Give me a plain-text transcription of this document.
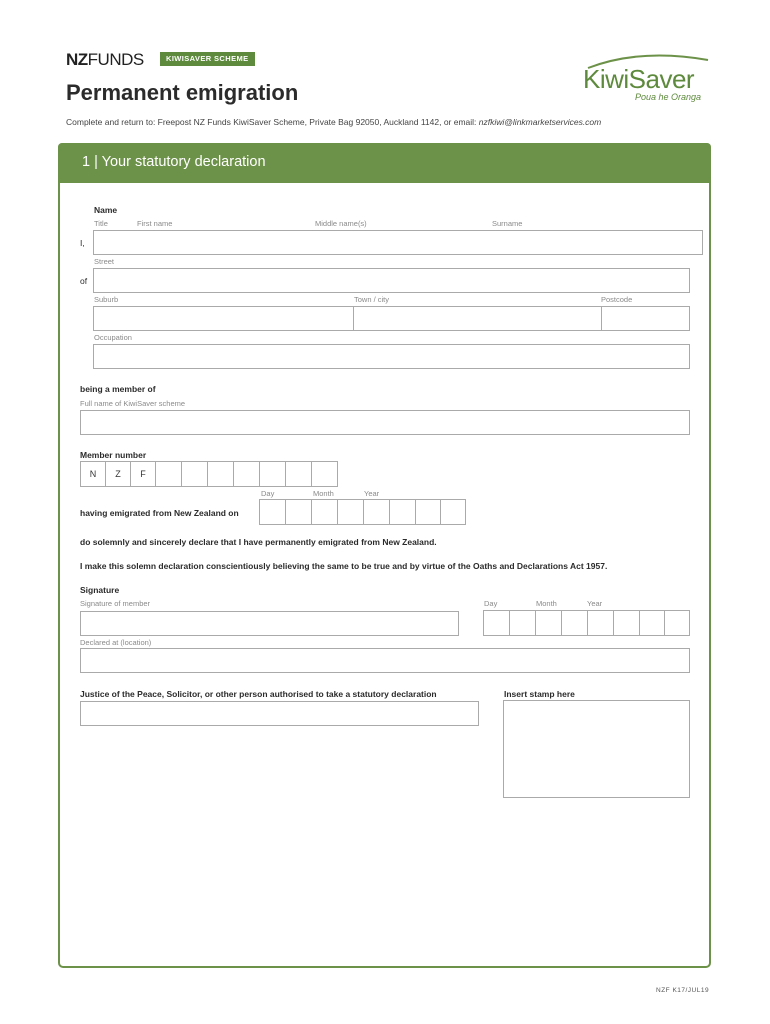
NZFUNDS	KIWISAVER SCHEME
Permanent emigration
Complete and return to: Freepost NZ Funds KiwiSaver Scheme, Private Bag 92050, Auckland 1142, or email: nzfkiwi@linkmarketservices.com
KiwiSaver
Poua he Oranga
1 | Your statutory declaration
Name
Title	First name	Middle name(s)	Surname
I,
Street
of
Suburb	Town / city	Postcode
Occupation
being a member of
Full name of KiwiSaver scheme
Member number
N	Z	F
Day	Month	Year
having emigrated from New Zealand on
do solemnly and sincerely declare that I have permanently emigrated from New Zealand.
I make this solemn declaration conscientiously believing the same to be true and by virtue of the Oaths and Declarations Act 1957.
Signature
Signature of member	Day	Month	Year
Declared at (location)
Justice of the Peace, Solicitor, or other person authorised to take a statutory declaration	Insert stamp here
NZF K17/JUL19
